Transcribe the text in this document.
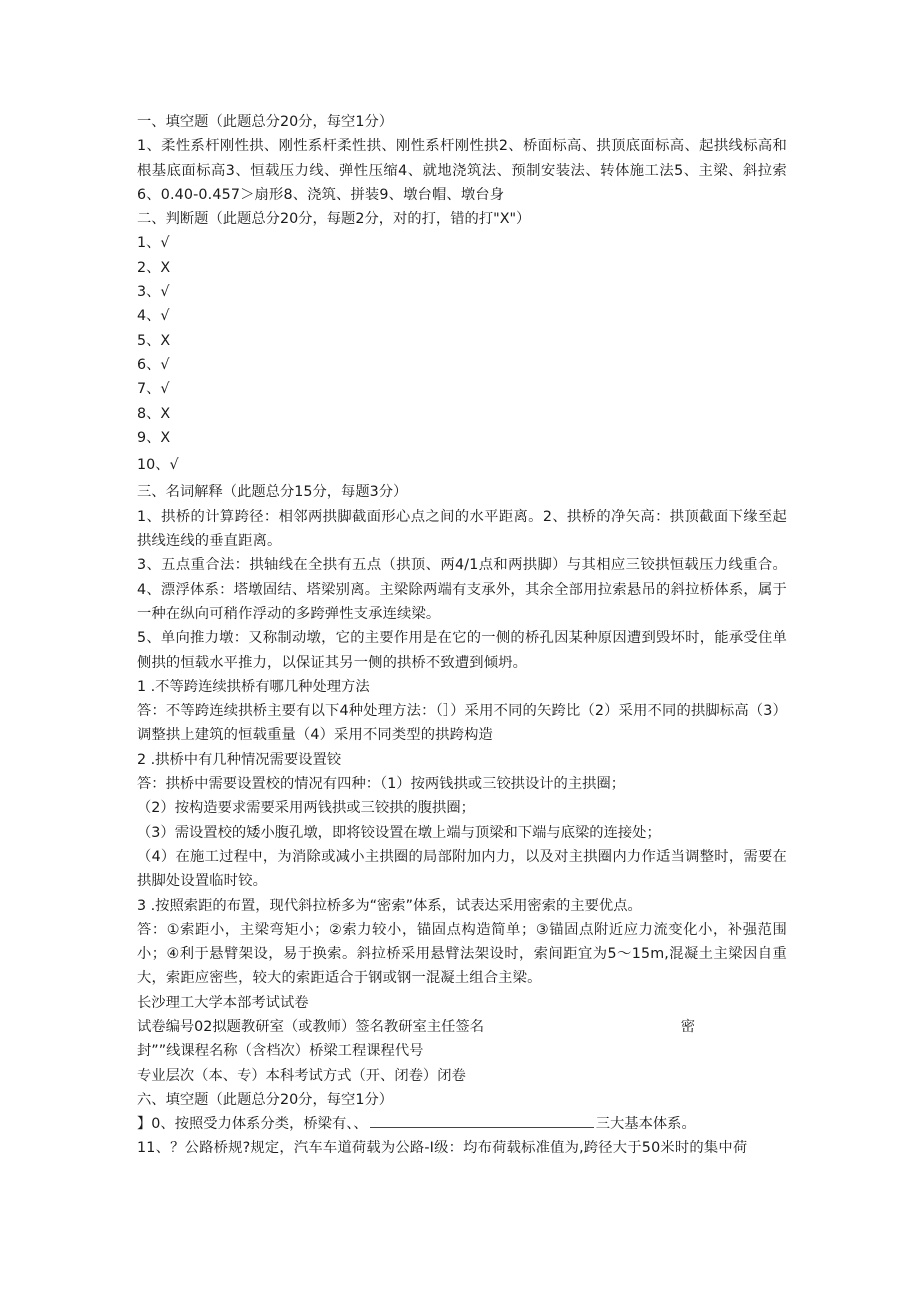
一、填空题（此题总分20分，每空1分）
1、柔性系杆刚性拱、刚性系杆柔性拱、刚性系杆刚性拱2、桥面标高、拱顶底面标高、起拱线标高和根基底面标高3、恒载压力线、弹性压缩4、就地浇筑法、预制安装法、转体施工法5、主梁、斜拉索6、0.40-0.457＞扇形8、浇筑、拼装9、墩台帽、墩台身
二、判断题（此题总分20分，每题2分，对的打，错的打"X"）
1、√
2、X
3、√
4、√
5、X
6、√
7、√
8、X
9、X
10、√
三、名词解释（此题总分15分，每题3分）
1、拱桥的计算跨径：相邻两拱脚截面形心点之间的水平距离。2、拱桥的净矢高：拱顶截面下缘至起拱线连线的垂直距离。
3、五点重合法：拱轴线在全拱有五点（拱顶、两4/1点和两拱脚）与其相应三铰拱恒载压力线重合。4、漂浮体系：塔墩固结、塔梁别离。主梁除两端有支承外，其余全部用拉索悬吊的斜拉桥体系，属于一种在纵向可稍作浮动的多跨弹性支承连续梁。
5、单向推力墩：又称制动墩，它的主要作用是在它的一侧的桥孔因某种原因遭到毁坏时，能承受住单侧拱的恒载水平推力，以保证其另一侧的拱桥不致遭到倾坍。
1 .不等跨连续拱桥有哪几种处理方法
答：不等跨连续拱桥主要有以下4种处理方法：（］）采用不同的矢跨比（2）采用不同的拱脚标高（3）调整拱上建筑的恒载重量（4）采用不同类型的拱跨构造
2 .拱桥中有几种情况需要设置铰
答：拱桥中需要设置校的情况有四种：（1）按两钱拱或三铰拱设计的主拱圈；
（2）按构造要求需要采用两钱拱或三铰拱的腹拱圈；
（3）需设置校的矮小腹孔墩，即将铰设置在墩上端与顶梁和下端与底梁的连接处；
（4）在施工过程中，为消除或减小主拱圈的局部附加内力，以及对主拱圈内力作适当调整时，需要在拱脚处设置临时铰。
3 .按照索距的布置，现代斜拉桥多为“密索”体系，试表达采用密索的主要优点。
答：①索距小，主梁弯矩小；②索力较小，锚固点构造简单；③锚固点附近应力流变化小，补强范围小；④利于悬臂架设，易于换索。斜拉桥采用悬臂法架设时，索间距宜为5～15m,混凝土主梁因自重大，索距应密些，较大的索距适合于钢或钢一混凝土组合主梁。
长沙理工大学本部考试试卷
试卷编号02拟题教研室（或教师）签名教研室主任签名	密
封””线课程名称（含档次）桥梁工程课程代号
专业层次（本、专）本科考试方式（开、闭卷）闭卷
六、填空题（此题总分20分，每空1分）
】0、按照受力体系分类，桥梁有、、	三大基本体系。
11、？公路桥规?规定，汽车车道荷载为公路-I级：均布荷载标准值为,跨径大于50米时的集中荷
